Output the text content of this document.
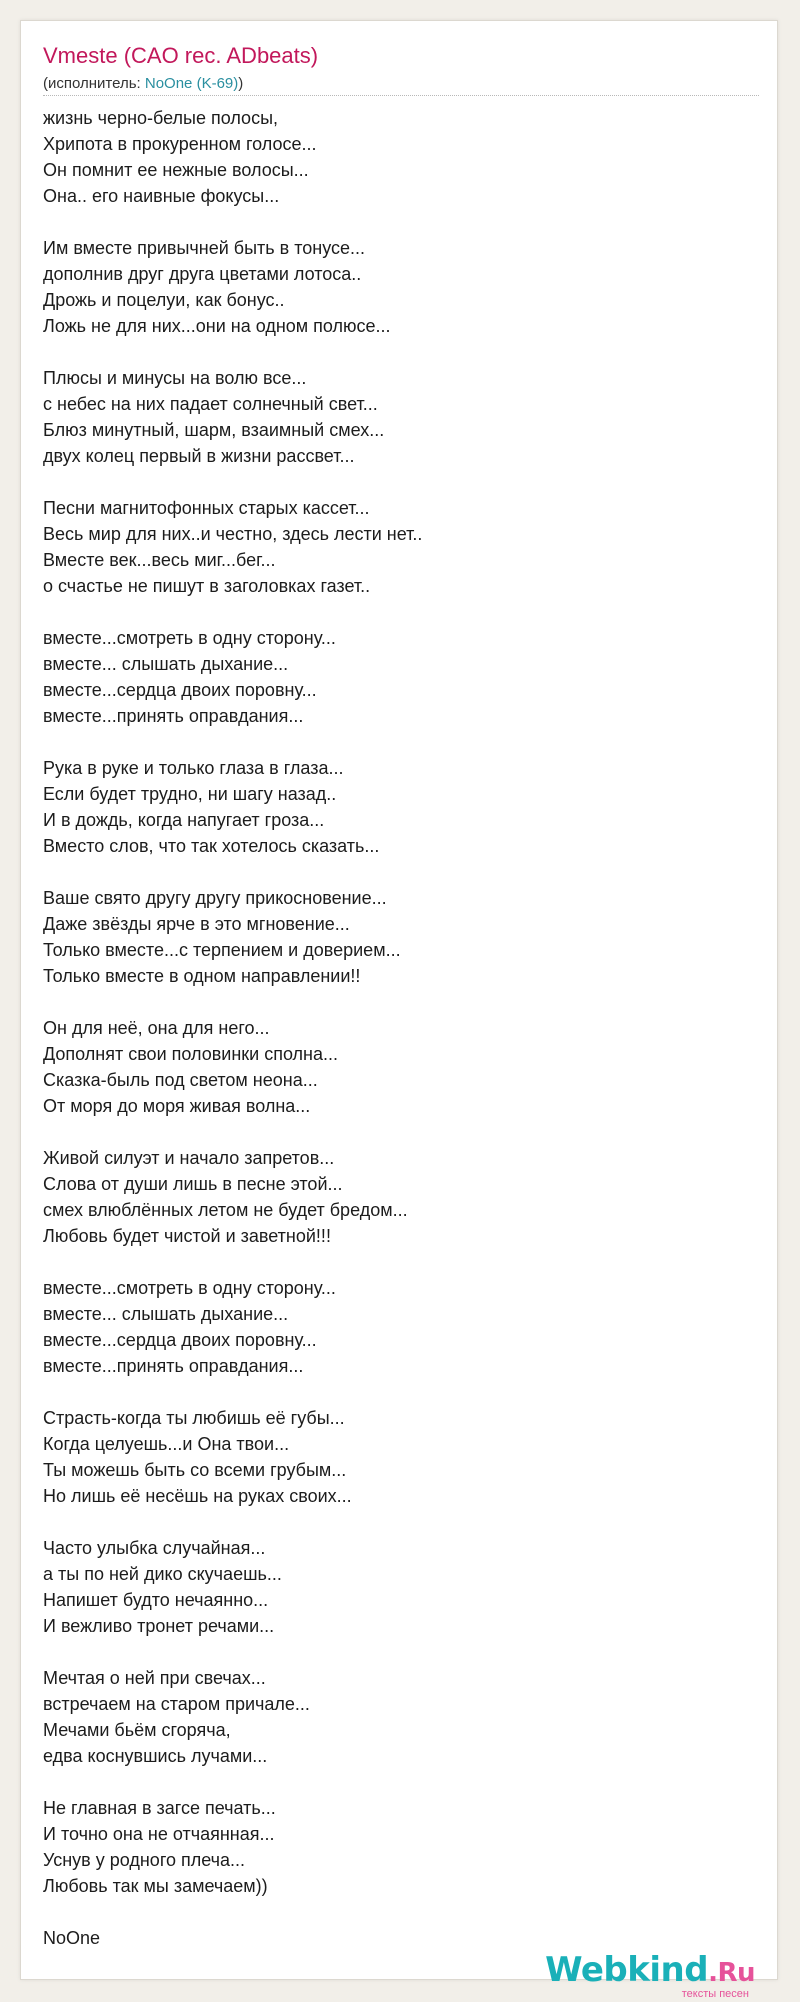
Vmeste (CAO rec. ADbeats)
(исполнитель: NoOne (K-69))
жизнь черно-белые полосы,
Хрипота в прокуренном голосе...
Он помнит ее нежные волосы...
Она.. его наивные фокусы...
Им вместе привычней быть в тонусе...
дополнив друг друга цветами лотоса..
Дрожь и поцелуи, как бонус..
Ложь не для них...они на одном полюсе...
Плюсы и минусы на волю все...
с небес на них падает солнечный свет...
Блюз минутный, шарм, взаимный смех...
двух колец первый в жизни рассвет...
Песни магнитофонных старых кассет...
Весь мир для них..и честно, здесь лести нет..
Вместе век...весь миг...бег...
о счастье не пишут в заголовках газет..
вместе...смотреть в одну сторону...
вместе... слышать дыхание...
вместе...сердца двоих поровну...
вместе...принять оправдания...
Рука в руке и только глаза в глаза...
Если будет трудно, ни шагу назад..
И в дождь, когда напугает гроза...
Вместо слов, что так хотелось сказать...
Ваше свято другу другу прикосновение...
Даже звёзды ярче в это мгновение...
Только вместе...с терпением и доверием...
Только вместе в одном направлении!!
Он для неё, она для него...
Дополнят свои половинки сполна...
Сказка-быль под светом неона...
От моря до моря живая волна...
Живой силуэт и начало запретов...
Слова от души лишь в песне этой...
смех влюблённых летом не будет бредом...
Любовь будет чистой и заветной!!!
вместе...смотреть в одну сторону...
вместе... слышать дыхание...
вместе...сердца двоих поровну...
вместе...принять оправдания...
Страсть-когда ты любишь её губы...
Когда целуешь...и Она твои...
Ты можешь быть со всеми грубым...
Но лишь её несёшь на руках своих...
Часто улыбка случайная...
а ты по ней дико скучаешь...
Напишет будто нечаянно...
И вежливо тронет речами...
Мечтая о ней при свечах...
встречаем на старом причале...
Мечами бьём сгоряча,
едва коснувшись лучами...
Не главная в загсе печать...
И точно она не отчаянная...
Уснув у родного плеча...
Любовь так мы замечаем))
NoOne
Webkind.Ru
тексты песен
